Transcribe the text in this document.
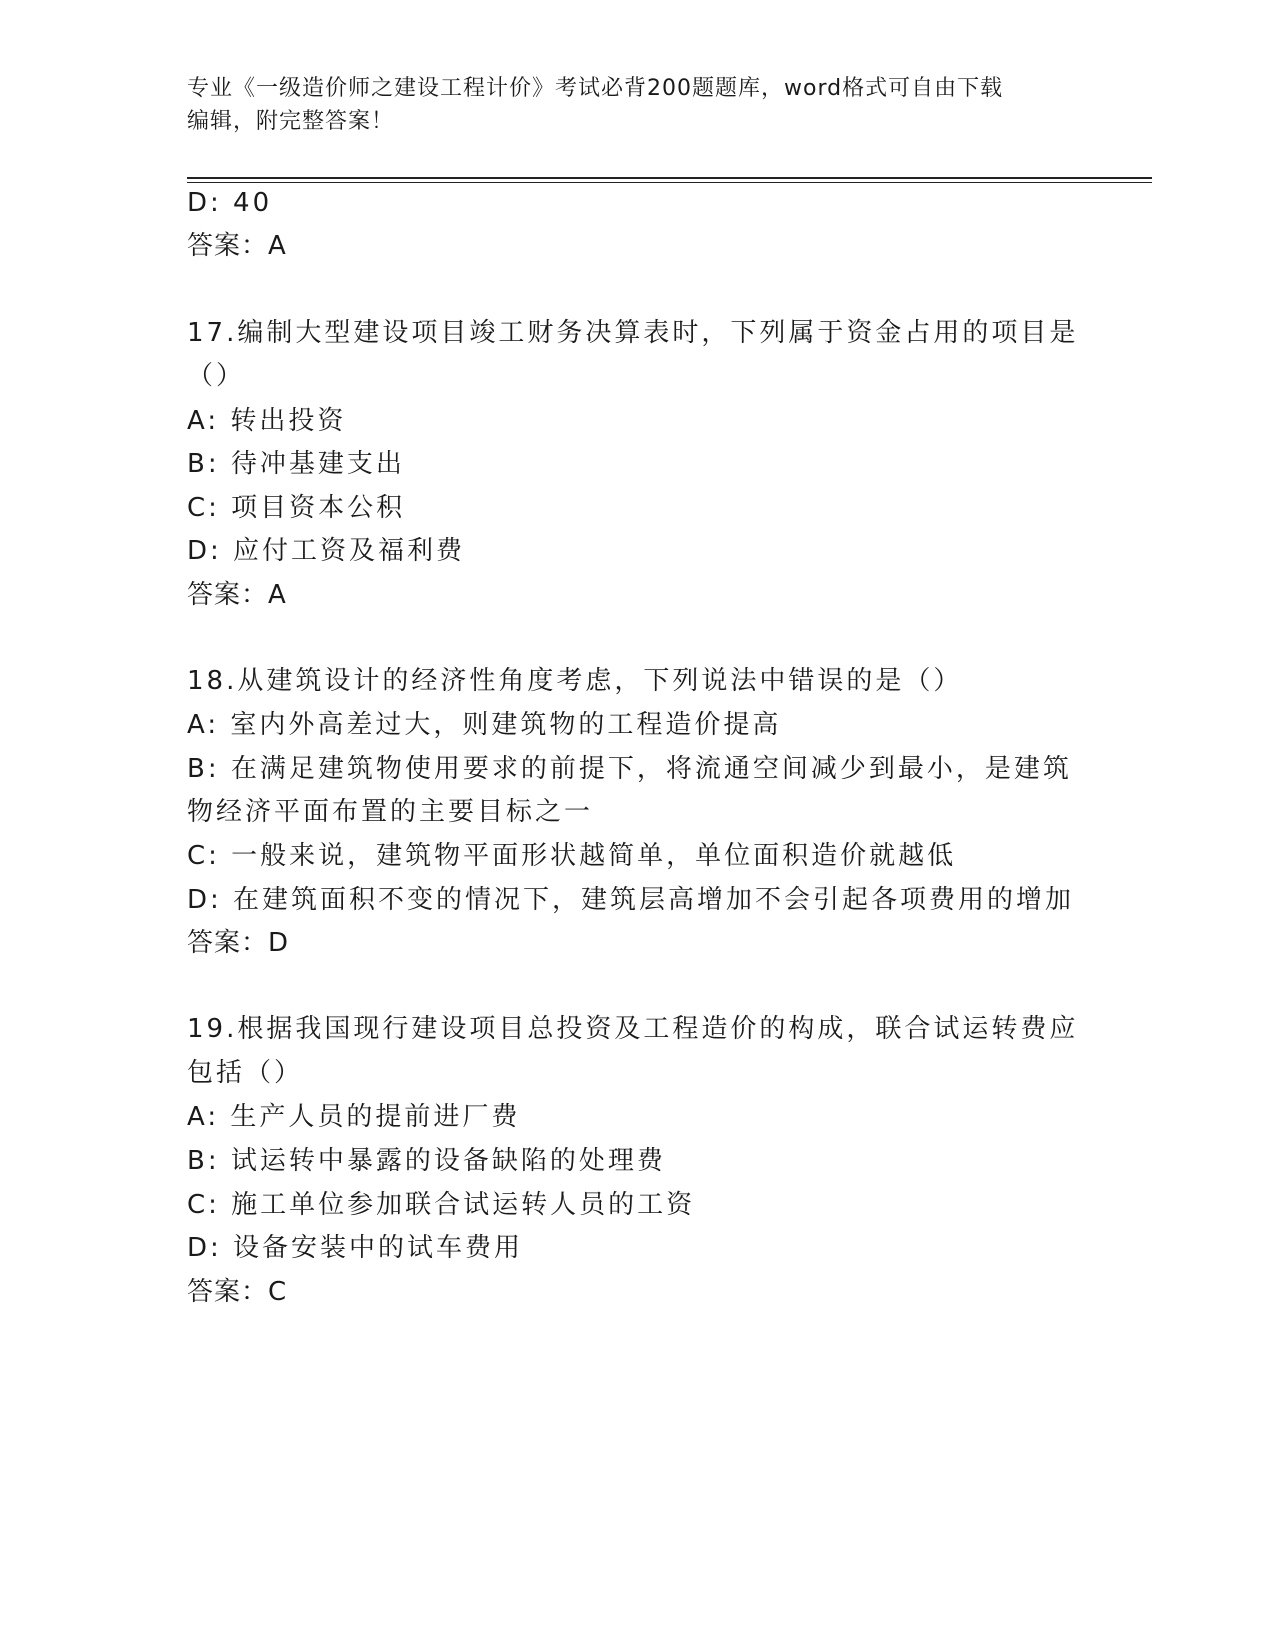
专业《一级造价师之建设工程计价》考试必背200题题库，word格式可自由下载
编辑，附完整答案！
D: 40
答案：A
17.编制大型建设项目竣工财务决算表时，下列属于资金占用的项目是
（）
A: 转出投资
B: 待冲基建支出
C: 项目资本公积
D: 应付工资及福利费
答案：A
18.从建筑设计的经济性角度考虑，下列说法中错误的是（）
A: 室内外高差过大，则建筑物的工程造价提高
B: 在满足建筑物使用要求的前提下，将流通空间减少到最小，是建筑
物经济平面布置的主要目标之一
C: 一般来说，建筑物平面形状越简单，单位面积造价就越低
D: 在建筑面积不变的情况下，建筑层高增加不会引起各项费用的增加
答案：D
19.根据我国现行建设项目总投资及工程造价的构成，联合试运转费应
包括（）
A: 生产人员的提前进厂费
B: 试运转中暴露的设备缺陷的处理费
C: 施工单位参加联合试运转人员的工资
D: 设备安装中的试车费用
答案：C
